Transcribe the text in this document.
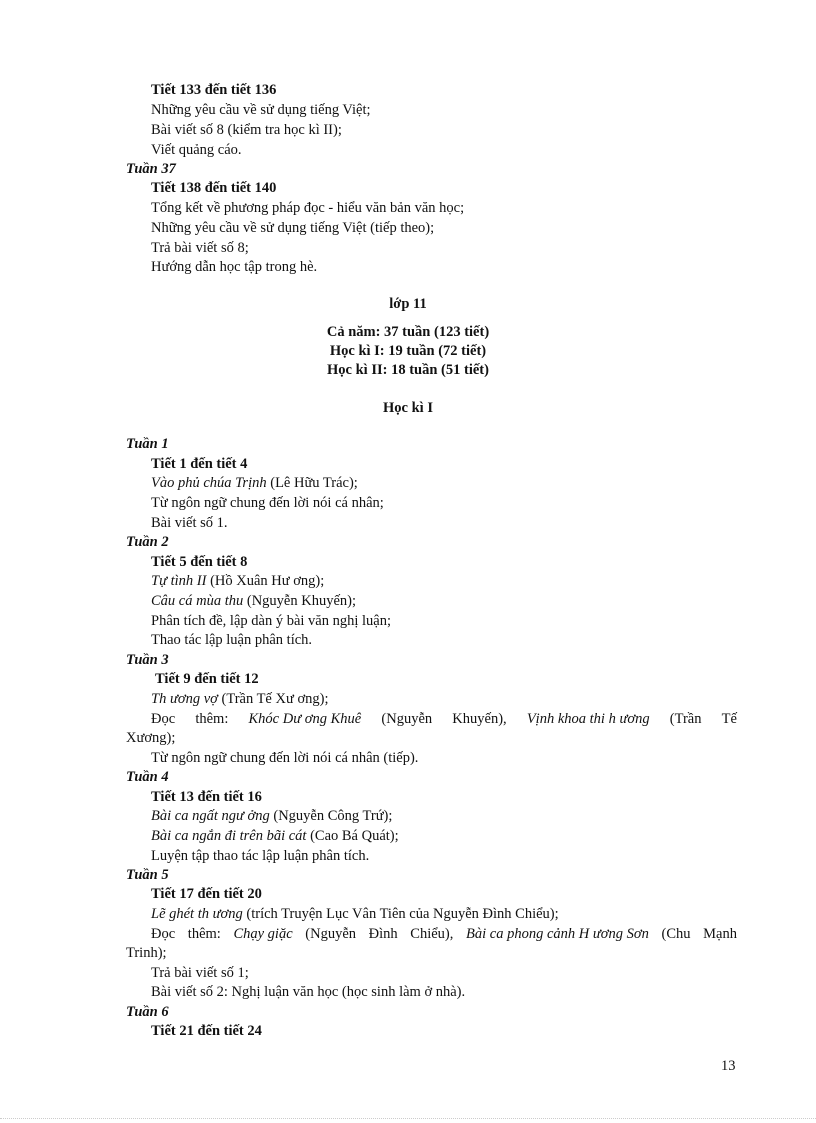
Tiết 133 đến tiết 136
Những yêu cầu về sử dụng tiếng Việt;
Bài viết số 8 (kiểm tra học kì II);
Viết quảng cáo.
Tuần 37
Tiết 138 đến tiết 140
Tổng kết về phương pháp đọc - hiểu văn bản văn học;
Những yêu cầu về sử dụng tiếng Việt (tiếp theo);
Trả bài viết số 8;
Hướng dẫn học tập trong hè.
lớp 11
Cả năm: 37 tuần (123 tiết)
Học kì I: 19 tuần (72 tiết)
Học kì II: 18 tuần (51 tiết)
Học kì I
Tuần 1
Tiết 1 đến tiết 4
Vào phủ chúa Trịnh (Lê Hữu Trác);
Từ ngôn ngữ chung đến lời nói cá nhân;
Bài viết số 1.
Tuần 2
Tiết 5 đến tiết 8
Tự tình II (Hồ Xuân Hư ơng);
Câu cá mùa thu (Nguyễn Khuyến);
Phân tích đề, lập dàn ý bài văn nghị luận;
Thao tác lập luận phân tích.
Tuần 3
Tiết 9 đến tiết 12
Th ương vợ (Trần Tế Xư ơng);
Đọc thêm: Khóc Dư ơng Khuê (Nguyễn Khuyến), Vịnh khoa thi h ương (Trần Tế
Xương);
Từ ngôn ngữ chung đến lời nói cá nhân (tiếp).
Tuần 4
Tiết 13 đến tiết 16
Bài ca ngất ngư ởng (Nguyễn Công Trứ);
Bài ca ngắn đi trên bãi cát (Cao Bá Quát);
Luyện tập thao tác lập luận phân tích.
Tuần 5
Tiết 17 đến tiết 20
Lẽ ghét th ương (trích Truyện Lục Vân Tiên của Nguyễn Đình Chiểu);
Đọc thêm: Chạy giặc (Nguyễn Đình Chiểu), Bài ca phong cảnh H ương Sơn (Chu Mạnh
Trinh);
Trả bài viết số 1;
Bài viết số 2: Nghị luận văn học (học sinh làm ở nhà).
Tuần 6
Tiết 21 đến tiết 24
13
